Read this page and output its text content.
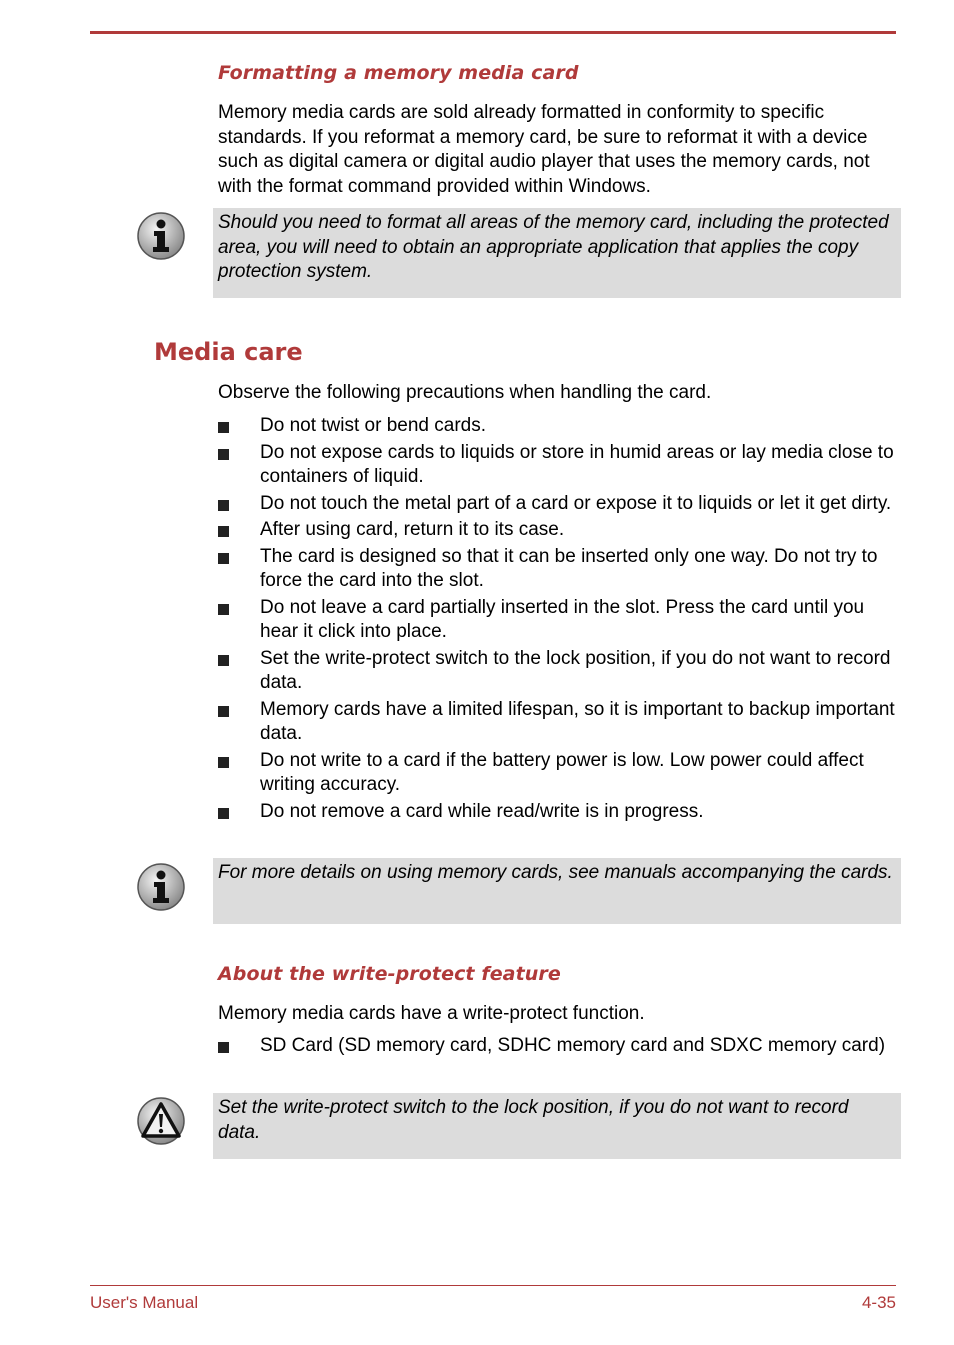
Formatting a memory media card

Memory media cards are sold already formatted in conformity to specific standards. If you reformat a memory card, be sure to reformat it with a device such as digital camera or digital audio player that uses the memory cards, not with the format command provided within Windows.

Should you need to format all areas of the memory card, including the protected area, you will need to obtain an appropriate application that applies the copy protection system.
Media care

Observe the following precautions when handling the card.

Do not twist or bend cards.
Do not expose cards to liquids or store in humid areas or lay media close to containers of liquid.
Do not touch the metal part of a card or expose it to liquids or let it get dirty.
After using card, return it to its case.
The card is designed so that it can be inserted only one way. Do not try to force the card into the slot.
Do not leave a card partially inserted in the slot. Press the card until you hear it click into place.
Set the write-protect switch to the lock position, if you do not want to record data.
Memory cards have a limited lifespan, so it is important to backup important data.
Do not write to a card if the battery power is low. Low power could affect writing accuracy.
Do not remove a card while read/write is in progress.
For more details on using memory cards, see manuals accompanying the cards.
About the write-protect feature

Memory media cards have a write-protect function.

SD Card (SD memory card, SDHC memory card and SDXC memory card)
Set the write-protect switch to the lock position, if you do not want to record data.
User's Manual	4-35
